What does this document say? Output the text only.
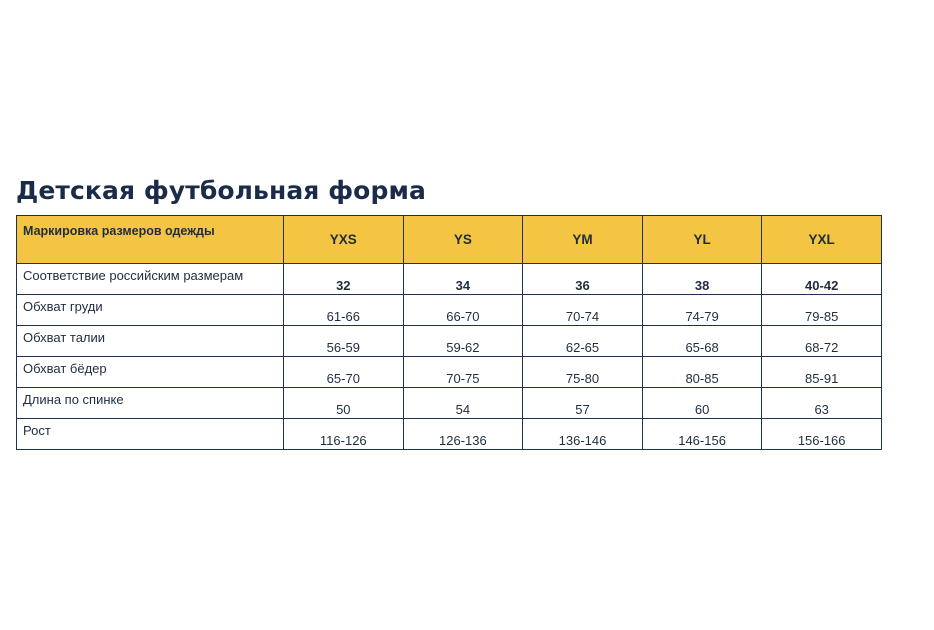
Детская футбольная форма
Маркировка размеров одежды	YXS	YS	YM	YL	YXL
Соответствие российским размерам	32	34	36	38	40-42
Обхват груди	61-66	66-70	70-74	74-79	79-85
Обхват талии	56-59	59-62	62-65	65-68	68-72
Обхват бёдер	65-70	70-75	75-80	80-85	85-91
Длина по спинке	50	54	57	60	63
Рост	116-126	126-136	136-146	146-156	156-166
